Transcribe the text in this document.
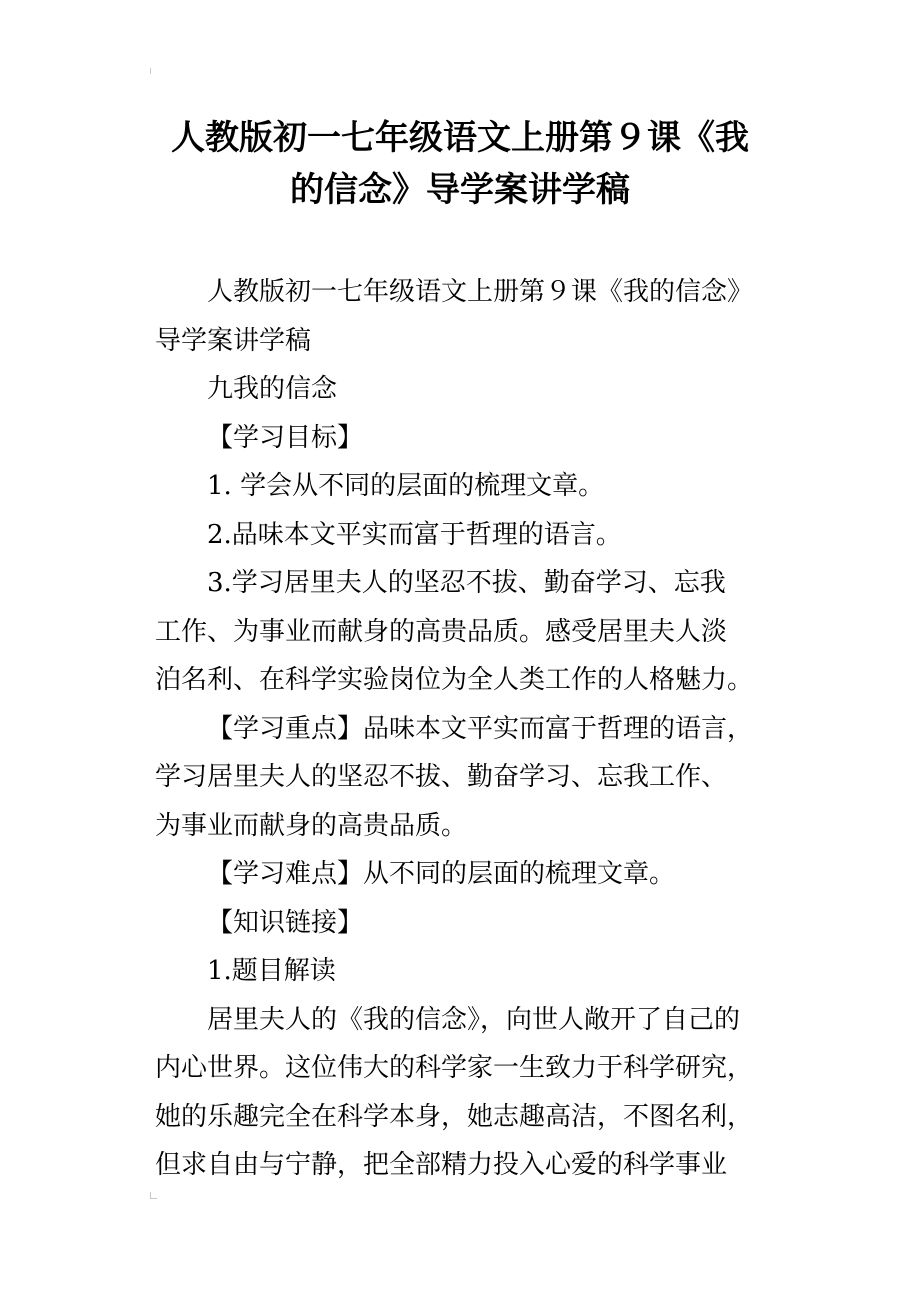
人教版初一七年级语文上册第９课《我
的信念》导学案讲学稿

人教版初一七年级语文上册第９课《我的信念》
导学案讲学稿

九我的信念

【学习目标】

1. 学会从不同的层面的梳理文章。

2.品味本文平实而富于哲理的语言。

3.学习居里夫人的坚忍不拔、勤奋学习、忘我
工作、为事业而献身的高贵品质。感受居里夫人淡
泊名利、在科学实验岗位为全人类工作的人格魅力。

【学习重点】品味本文平实而富于哲理的语言，
学习居里夫人的坚忍不拔、勤奋学习、忘我工作、
为事业而献身的高贵品质。

【学习难点】从不同的层面的梳理文章。

【知识链接】

1.题目解读

居里夫人的《我的信念》，向世人敞开了自己的
内心世界。这位伟大的科学家一生致力于科学研究，
她的乐趣完全在科学本身，她志趣高洁，不图名利，
但求自由与宁静，把全部精力投入心爱的科学事业
